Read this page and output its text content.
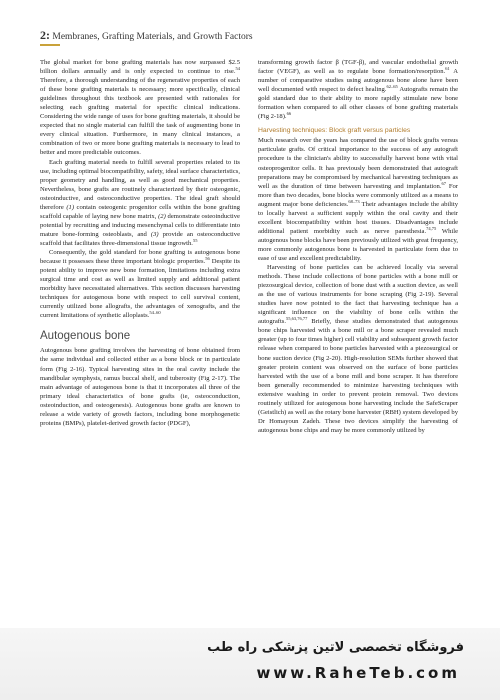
2: Membranes, Grafting Materials, and Growth Factors

The global market for bone grafting materials has now surpassed $2.5 billion dollars annually and is only expected to continue to rise.$^{54}$ Therefore, a thorough understanding of the regenerative properties of each of these bone grafting materials is necessary; more specifically, clinical guidelines throughout this textbook are presented with rationales for selecting each grafting material for specific clinical indications. Considering the wide range of uses for bone grafting materials, it should be expected that no single material can fulfill the task of augmenting bone in every clinical situation. Furthermore, in many clinical instances, a combination of two or more bone grafting materials is necessary to lead to better and more predictable outcomes.

Each grafting material needs to fulfill several properties related to its use, including optimal biocompatibility, safety, ideal surface characteristics, proper geometry and handling, as well as good mechanical properties. Nevertheless, bone grafts are routinely characterized by their osteogenic, osteoinductive, and osteoconductive properties. The ideal graft should therefore (1) contain osteogenic progenitor cells within the bone grafting scaffold capable of laying new bone matrix, (2) demonstrate osteoinductive potential by recruiting and inducing mesenchymal cells to differentiate into mature bone-forming osteoblasts, and (3) provide an osteoconductive scaffold that facilitates three-dimensional tissue ingrowth.$^{55}$

Consequently, the gold standard for bone grafting is autogenous bone because it possesses these three important biologic properties.$^{56}$ Despite its potent ability to improve new bone formation, limitations including extra surgical time and cost as well as limited supply and additional patient morbidity have necessitated alternatives. This section discusses harvesting techniques for autogenous bone with respect to cell survival content, currently utilized bone allografts, the advantages of xenografts, and the current limitations of synthetic alloplasts.$^{54-60}$

Autogenous bone

Autogenous bone grafting involves the harvesting of bone obtained from the same individual and collected either as a bone block or in particulate form (Fig 2-16). Typical harvesting sites in the oral cavity include the mandibular symphysis, ramus buccal shelf, and tuberosity (Fig 2-17). The main advantage of autogenous bone is that it incorporates all three of the primary ideal characteristics of bone grafts (ie, osteoconduction, osteoinduction, and osteogenesis). Autogenous bone grafts are known to release a wide variety of growth factors, including bone morphogenetic proteins (BMPs), platelet-derived growth factor (PDGF),

transforming growth factor β (TGF-β), and vascular endothelial growth factor (VEGF), as well as to regulate bone formation/resorption.$^{61}$ A number of comparative studies using autogenous bone alone have been well documented with respect to defect healing.$^{62-65}$ Autografts remain the gold standard due to their ability to more rapidly stimulate new bone formation when compared to all other classes of bone grafting materials (Fig 2-18).$^{66}$

Harvesting techniques: Block graft versus particles

Much research over the years has compared the use of block grafts versus particulate grafts. Of critical importance to the success of any autograft procedure is the clinician's ability to successfully harvest bone with vital osteoprogenitor cells. It has previously been demonstrated that autograft preparations may be compromised by mechanical harvesting techniques as well as the duration of time between harvesting and implantation.$^{67}$ For more than two decades, bone blocks were commonly utilized as a means to augment major bone deficiencies.$^{68-73}$ Their advantages include the ability to locally harvest a sufficient supply within the oral cavity and their excellent biocompatibility within host tissues. Disadvantages include additional patient morbidity such as nerve paresthesia.$^{74,75}$ While autogenous bone blocks have been previously utilized with great frequency, more commonly autogenous bone is harvested in particulate form due to ease of use and excellent predictability.

Harvesting of bone particles can be achieved locally via several methods. These include collections of bone particles with a bone mill or piezosurgical device, collection of bone dust with a suction device, as well as the use of various instruments for bone scraping (Fig 2-19). Several studies have now pointed to the fact that harvesting technique has a significant influence on the viability of bone cells within the autografts.$^{55,63,76,77}$ Briefly, these studies demonstrated that autogenous bone chips harvested with a bone mill or a bone scraper revealed much greater (up to four times higher) cell viability and subsequent growth factor release when compared to bone particles harvested with a piezosurgical or bone suction device (Fig 2-20). High-resolution SEMs further showed that greater protein content was observed on the surface of bone particles harvested with the use of a bone mill and bone scraper. It has therefore been generally recommended to minimize harvesting techniques with extensive washing in order to prevent protein removal. Two devices routinely utilized for autogenous bone harvesting include the SafeScraper (Geistlich) as well as the rotary bone harvester (RBH) system developed by Dr Homayoun Zadeh. These two devices simplify the harvesting of autogenous bone chips and may be more commonly utilized by

فروشگاه تخصصی لاتین پزشکی راه طب
www.RaheTeb.com
